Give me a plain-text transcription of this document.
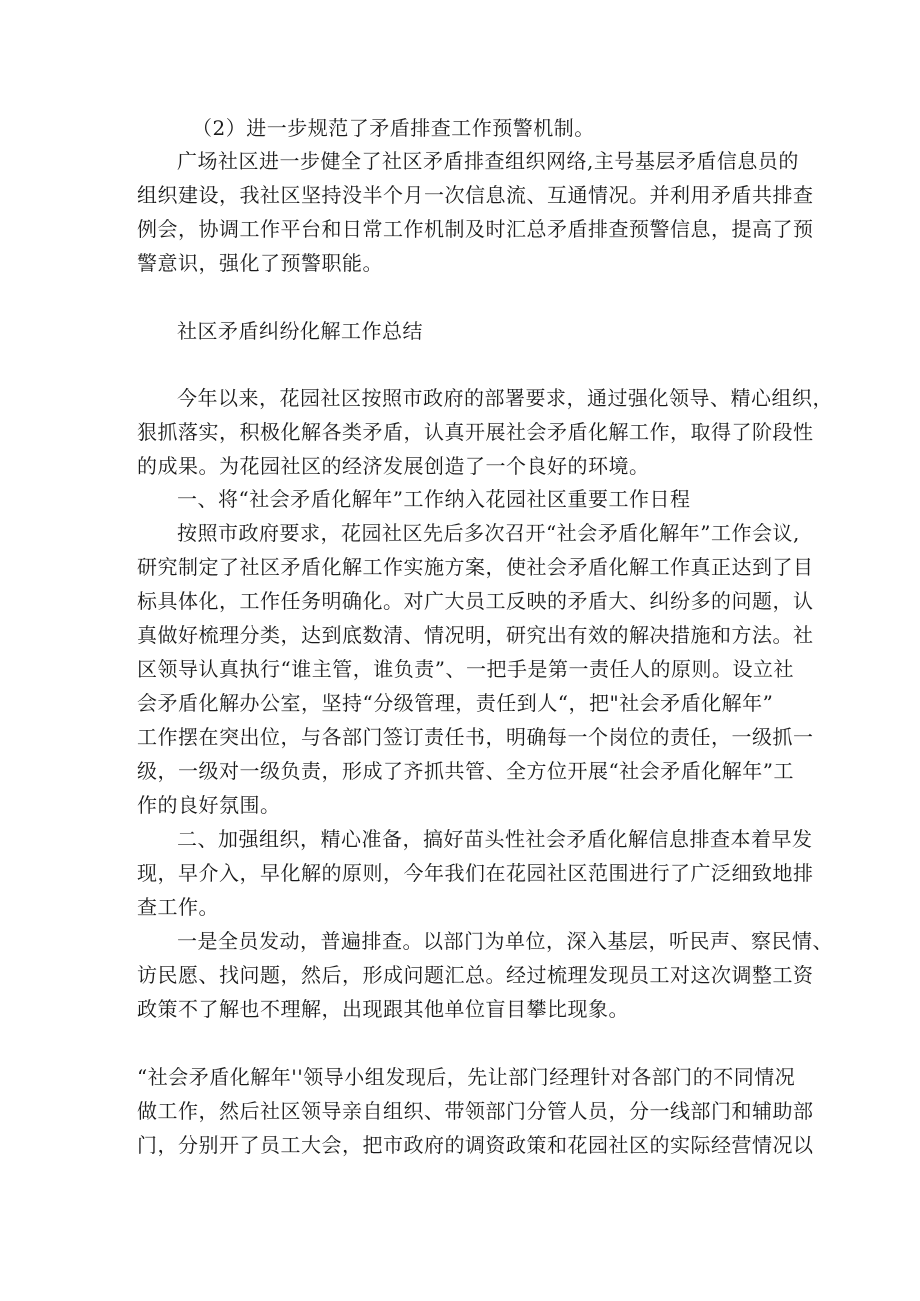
（2）进一步规范了矛盾排查工作预警机制。
广场社区进一步健全了社区矛盾排查组织网络,主号基层矛盾信息员的
组织建设，我社区坚持没半个月一次信息流、互通情况。并利用矛盾共排查
例会，协调工作平台和日常工作机制及时汇总矛盾排查预警信息，提高了预
警意识，强化了预警职能。
社区矛盾纠纷化解工作总结
今年以来，花园社区按照市政府的部署要求，通过强化领导、精心组织，
狠抓落实，积极化解各类矛盾，认真开展社会矛盾化解工作，取得了阶段性
的成果。为花园社区的经济发展创造了一个良好的环境。
一、将“社会矛盾化解年”工作纳入花园社区重要工作日程
按照市政府要求，花园社区先后多次召开“社会矛盾化解年”工作会议,
研究制定了社区矛盾化解工作实施方案，使社会矛盾化解工作真正达到了目
标具体化，工作任务明确化。对广大员工反映的矛盾大、纠纷多的问题，认
真做好梳理分类，达到底数清、情况明，研究出有效的解决措施和方法。社
区领导认真执行“谁主管，谁负责”、一把手是第一责任人的原则。设立社
会矛盾化解办公室，坚持“分级管理，责任到人“，把"社会矛盾化解年”
工作摆在突出位，与各部门签订责任书，明确每一个岗位的责任，一级抓一
级，一级对一级负责，形成了齐抓共管、全方位开展“社会矛盾化解年”工
作的良好氛围。
二、加强组织，精心准备，搞好苗头性社会矛盾化解信息排查本着早发
现，早介入，早化解的原则，今年我们在花园社区范围进行了广泛细致地排
查工作。
一是全员发动，普遍排查。以部门为单位，深入基层，听民声、察民情、
访民愿、找问题，然后，形成问题汇总。经过梳理发现员工对这次调整工资
政策不了解也不理解，出现跟其他单位盲目攀比现象。
“社会矛盾化解年''领导小组发现后，先让部门经理针对各部门的不同情况
做工作，然后社区领导亲自组织、带领部门分管人员，分一线部门和辅助部
门，分别开了员工大会，把市政府的调资政策和花园社区的实际经营情况以
